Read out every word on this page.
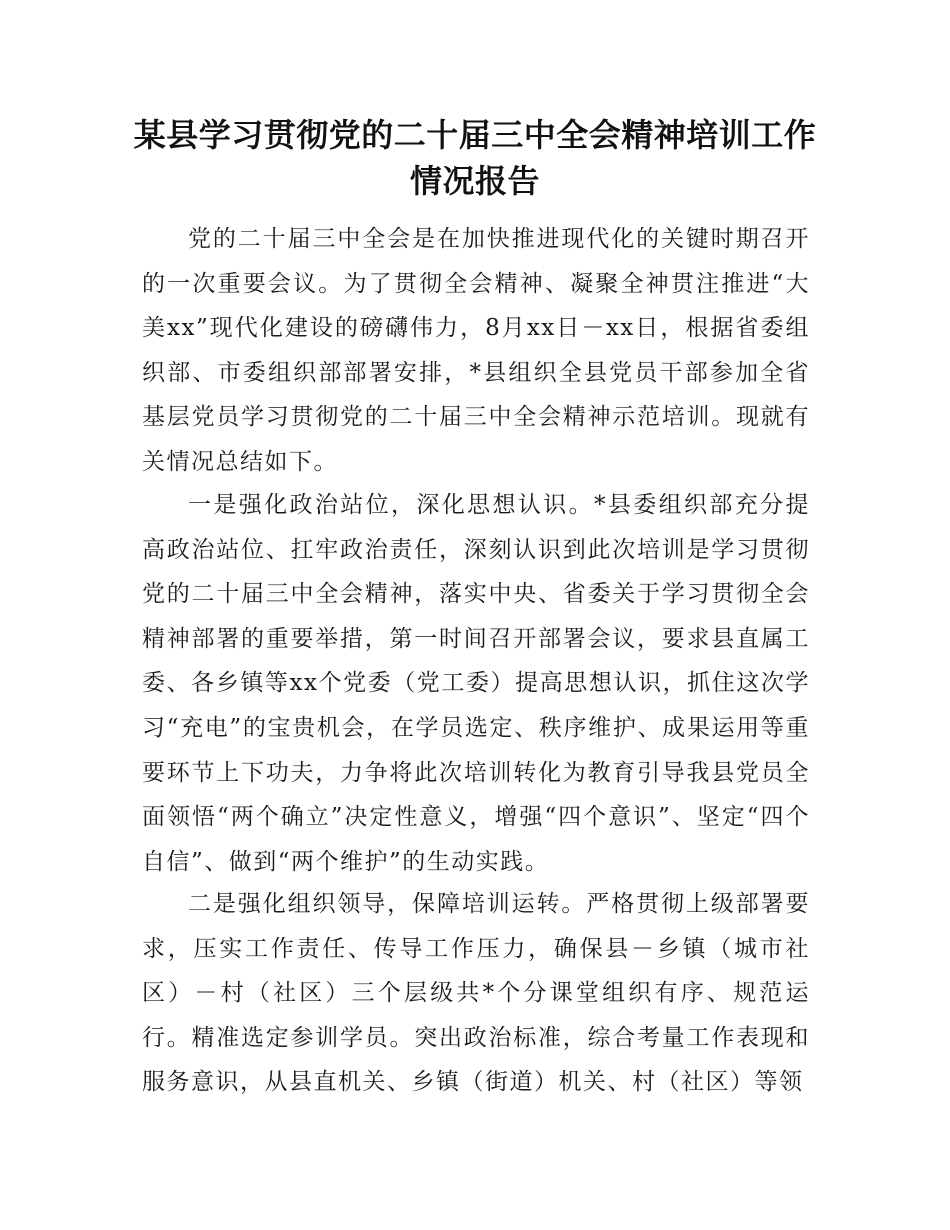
某县学习贯彻党的二十届三中全会精神培训工作情况报告

党的二十届三中全会是在加快推进现代化的关键时期召开的一次重要会议。为了贯彻全会精神、凝聚全神贯注推进“大美xx”现代化建设的磅礴伟力，8月xx日－xx日，根据省委组织部、市委组织部部署安排，*县组织全县党员干部参加全省基层党员学习贯彻党的二十届三中全会精神示范培训。现就有关情况总结如下。

一是强化政治站位，深化思想认识。*县委组织部充分提高政治站位、扛牢政治责任，深刻认识到此次培训是学习贯彻党的二十届三中全会精神，落实中央、省委关于学习贯彻全会精神部署的重要举措，第一时间召开部署会议，要求县直属工委、各乡镇等xx个党委（党工委）提高思想认识，抓住这次学习“充电”的宝贵机会，在学员选定、秩序维护、成果运用等重要环节上下功夫，力争将此次培训转化为教育引导我县党员全面领悟“两个确立”决定性意义，增强“四个意识”、坚定“四个自信”、做到“两个维护”的生动实践。

二是强化组织领导，保障培训运转。严格贯彻上级部署要求，压实工作责任、传导工作压力，确保县－乡镇（城市社区）－村（社区）三个层级共*个分课堂组织有序、规范运行。精准选定参训学员。突出政治标准，综合考量工作表现和服务意识，从县直机关、乡镇（街道）机关、村（社区）等领
